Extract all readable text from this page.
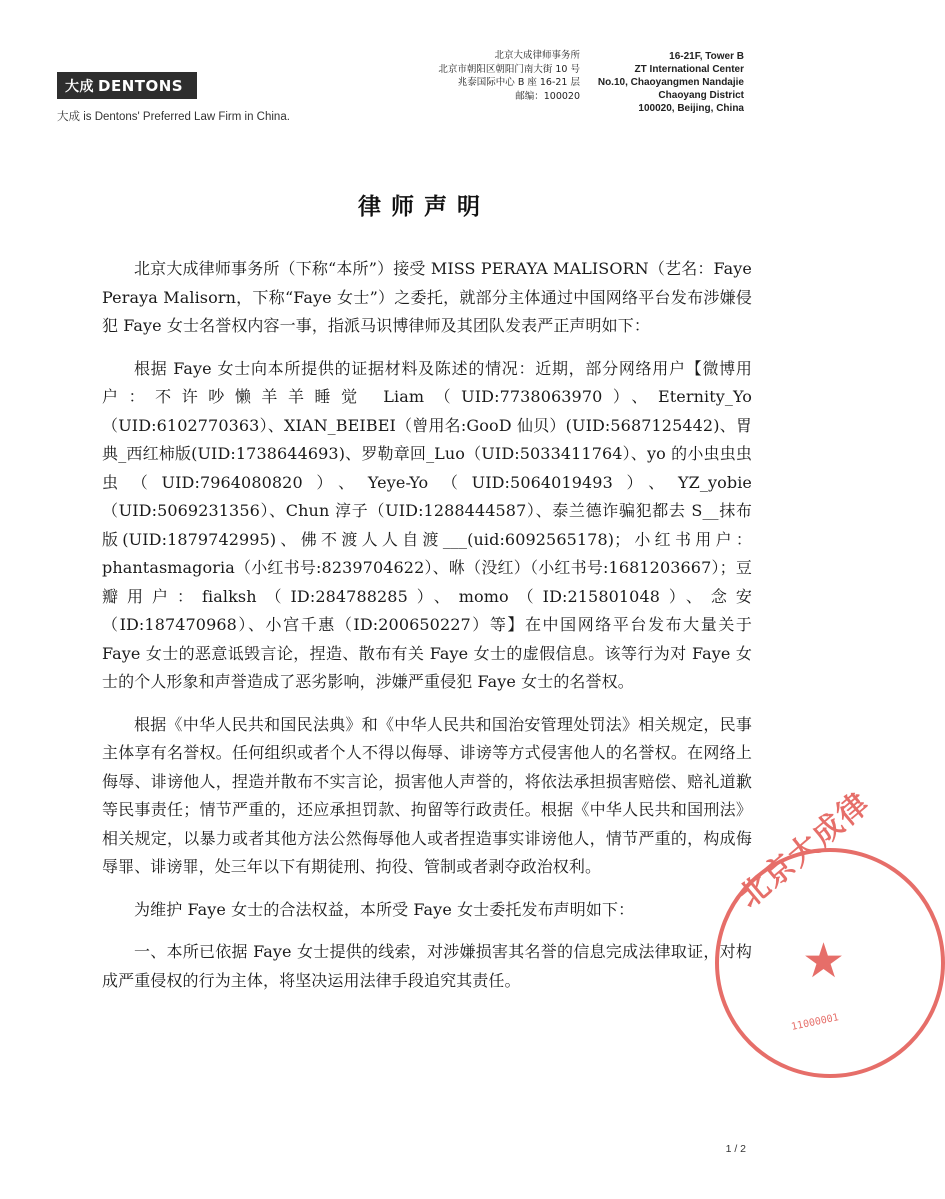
大成 DENTONS
大成 is Dentons' Preferred Law Firm in China.
北京大成律师事务所
北京市朝阳区朝阳门南大街 10 号
兆泰国际中心 B 座 16-21 层
邮编：100020
16-21F, Tower B
ZT International Center
No.10, Chaoyangmen Nandajie
Chaoyang District
100020, Beijing, China
律师声明

北京大成律师事务所（下称“本所”）接受 MISS PERAYA MALISORN（艺名：Faye Peraya Malisorn，下称“Faye 女士”）之委托，就部分主体通过中国网络平台发布涉嫌侵犯 Faye 女士名誉权内容一事，指派马识博律师及其团队发表严正声明如下：

根据 Faye 女士向本所提供的证据材料及陈述的情况：近期，部分网络用户【微博用户：不许吵懒羊羊睡觉 Liam（UID:7738063970）、Eternity_Yo（UID:6102770363）、XIAN_BEIBEI（曾用名:GooD 仙贝）(UID:5687125442)、胃典_西红柿版(UID:1738644693)、罗勒章回_Luo（UID:5033411764）、yo 的小虫虫虫虫（UID:7964080820）、Yeye-Yo（UID:5064019493）、YZ_yobie（UID:5069231356）、Chun 淳子（UID:1288444587）、泰兰德诈骗犯都去 S__抹布版(UID:1879742995)、佛不渡人人自渡___(uid:6092565178)；小红书用户：phantasmagoria（小红书号:8239704622）、咻（没红）（小红书号:1681203667）；豆瓣用户：fialksh（ID:284788285）、momo（ID:215801048）、念安（ID:187470968）、小宫千惠（ID:200650227）等】在中国网络平台发布大量关于 Faye 女士的恶意诋毁言论，捏造、散布有关 Faye 女士的虚假信息。该等行为对 Faye 女士的个人形象和声誉造成了恶劣影响，涉嫌严重侵犯 Faye 女士的名誉权。

根据《中华人民共和国民法典》和《中华人民共和国治安管理处罚法》相关规定，民事主体享有名誉权。任何组织或者个人不得以侮辱、诽谤等方式侵害他人的名誉权。在网络上侮辱、诽谤他人，捏造并散布不实言论，损害他人声誉的，将依法承担损害赔偿、赔礼道歉等民事责任；情节严重的，还应承担罚款、拘留等行政责任。根据《中华人民共和国刑法》相关规定，以暴力或者其他方法公然侮辱他人或者捏造事实诽谤他人，情节严重的，构成侮辱罪、诽谤罪，处三年以下有期徒刑、拘役、管制或者剥夺政治权利。

为维护 Faye 女士的合法权益，本所受 Faye 女士委托发布声明如下：

一、本所已依据 Faye 女士提供的线索，对涉嫌损害其名誉的信息完成法律取证，对构成严重侵权的行为主体，将坚决运用法律手段追究其责任。

北京大成律
★
11000001
1 / 2
